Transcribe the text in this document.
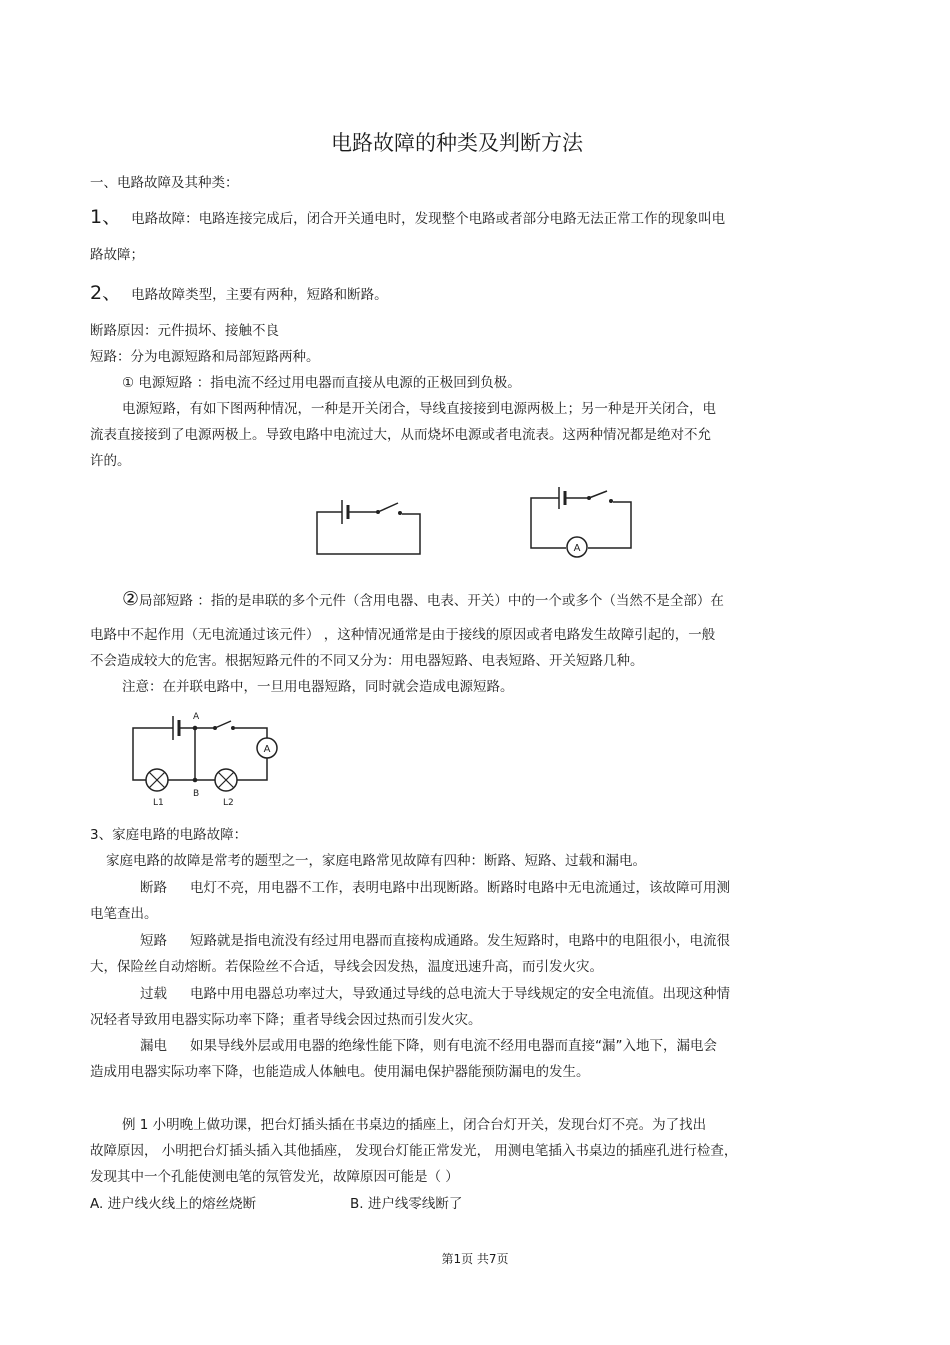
电路故障的种类及判断方法
一、电路故障及其种类：
1、 电路故障：电路连接完成后，闭合开关通电时，发现整个电路或者部分电路无法正常工作的现象叫电
路故障；
2、 电路故障类型，主要有两种，短路和断路。
断路原因：元件损坏、接触不良
短路：分为电源短路和局部短路两种。
① 电源短路 ：指电流不经过用电器而直接从电源的正极回到负极。
电源短路，有如下图两种情况，一种是开关闭合，导线直接接到电源两极上；另一种是开关闭合，电
流表直接接到了电源两极上。导致电路中电流过大，从而烧坏电源或者电流表。这两种情况都是绝对不允
许的。
A
②局部短路 ：指的是串联的多个元件（含用电器、电表、开关）中的一个或多个（当然不是全部）在
电路中不起作用（无电流通过该元件） ，这种情况通常是由于接线的原因或者电路发生故障引起的，一般
不会造成较大的危害。根据短路元件的不同又分为：用电器短路、电表短路、开关短路几种。
注意：在并联电路中，一旦用电器短路，同时就会造成电源短路。
A
B
A
L1	L2
3、家庭电路的电路故障：
家庭电路的故障是常考的题型之一，家庭电路常见故障有四种：断路、短路、过载和漏电。
断路 电灯不亮，用电器不工作，表明电路中出现断路。断路时电路中无电流通过，该故障可用测
电笔查出。
短路 短路就是指电流没有经过用电器而直接构成通路。发生短路时，电路中的电阻很小，电流很
大，保险丝自动熔断。若保险丝不合适，导线会因发热，温度迅速升高，而引发火灾。
过载 电路中用电器总功率过大，导致通过导线的总电流大于导线规定的安全电流值。出现这种情
况轻者导致用电器实际功率下降；重者导线会因过热而引发火灾。
漏电 如果导线外层或用电器的绝缘性能下降，则有电流不经用电器而直接“漏”入地下，漏电会
造成用电器实际功率下降，也能造成人体触电。使用漏电保护器能预防漏电的发生。
例 1 小明晚上做功课，把台灯插头插在书桌边的插座上，闭合台灯开关，发现台灯不亮。为了找出
故障原因， 小明把台灯插头插入其他插座， 发现台灯能正常发光， 用测电笔插入书桌边的插座孔进行检查，
发现其中一个孔能使测电笔的氖管发光，故障原因可能是（ ）
A. 进户线火线上的熔丝烧断	B. 进户线零线断了
第1页 共7页
